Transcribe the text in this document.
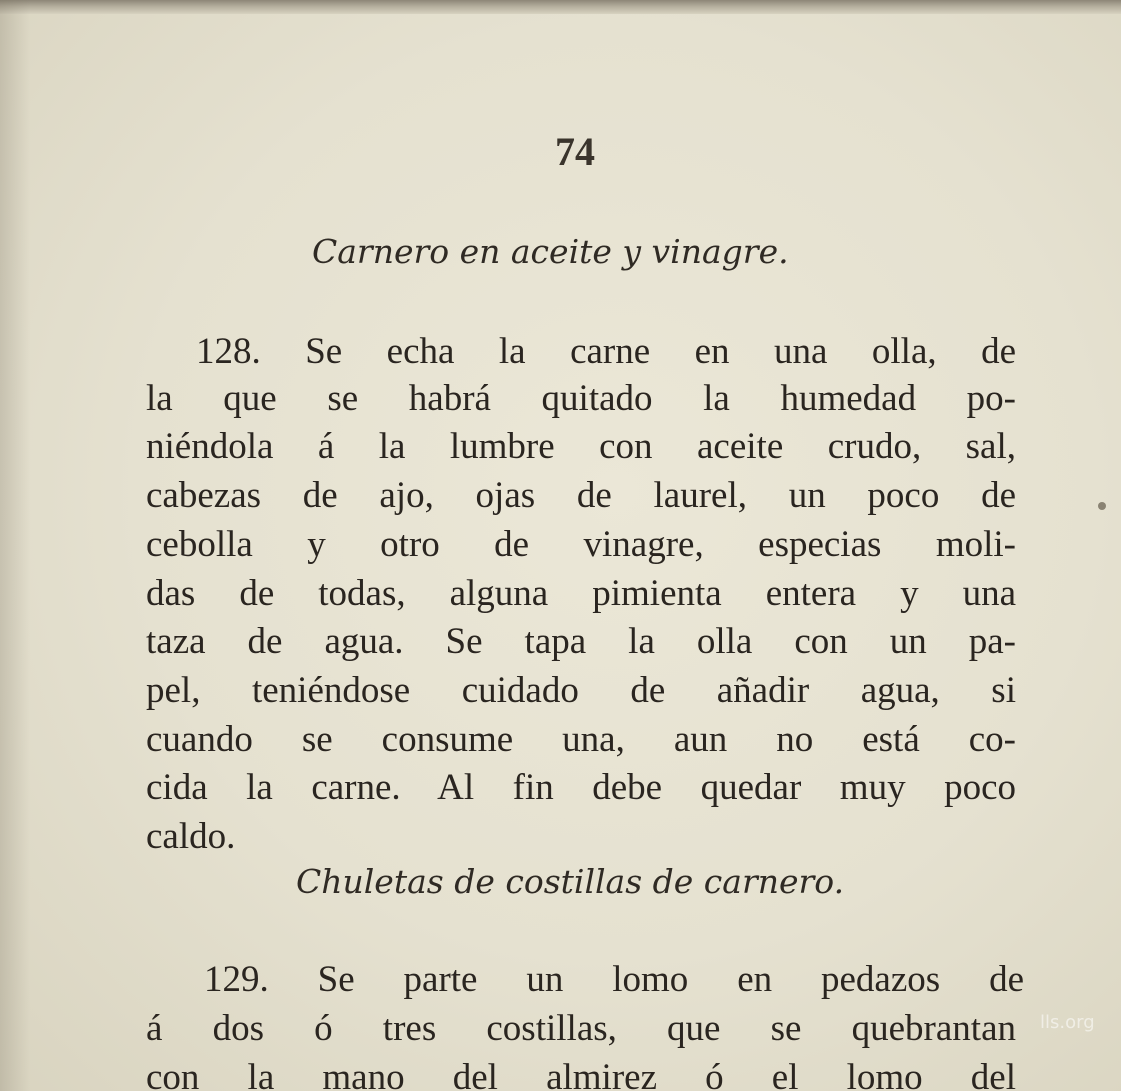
74
Carnero en aceite y vinagre.
128. Se echa la carne en una olla, de
la que se habrá quitado la humedad po-
niéndola á la lumbre con aceite crudo, sal,
cabezas de ajo, ojas de laurel, un poco de
cebolla y otro de vinagre, especias moli-
das de todas, alguna pimienta entera y una
taza de agua. Se tapa la olla con un pa-
pel, teniéndose cuidado de añadir agua, si
cuando se consume una, aun no está co-
cida la carne. Al fin debe quedar muy poco
caldo.
Chuletas de costillas de carnero.
129. Se parte un lomo en pedazos de
á dos ó tres costillas, que se quebrantan
con la mano del almirez ó el lomo del
lls.org
